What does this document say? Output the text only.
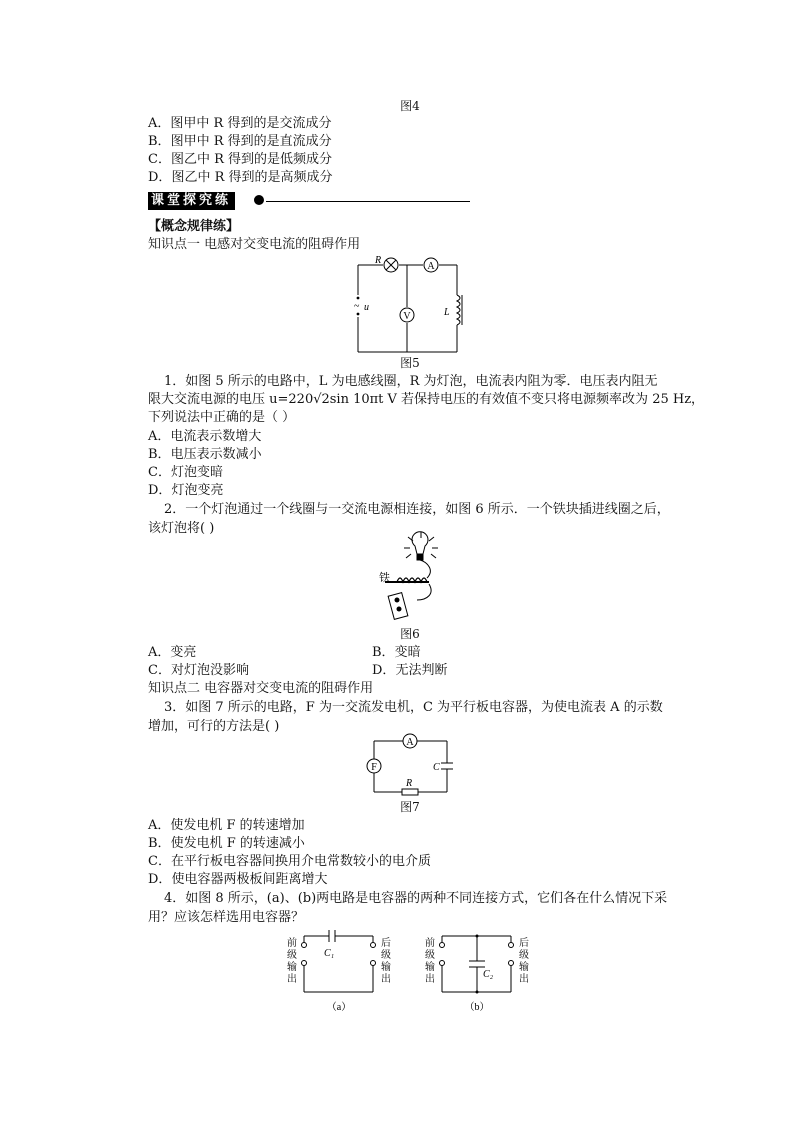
图4
A．图甲中 R 得到的是交流成分
B．图甲中 R 得到的是直流成分
C．图乙中 R 得到的是低频成分
D．图乙中 R 得到的是高频成分
课堂探究练
【概念规律练】
知识点一 电感对交变电流的阻碍作用
A
V
~
R
u	L
图5
1．如图 5 所示的电路中，L 为电感线圈，R 为灯泡，电流表内阻为零．电压表内阻无
限大交流电源的电压 u=220√2sin 10πt V 若保持电压的有效值不变只将电源频率改为 25 Hz，
下列说法中正确的是（ ）
A．电流表示数增大
B．电压表示数减小
C．灯泡变暗
D．灯泡变亮
2．一个灯泡通过一个线圈与一交流电源相连接，如图 6 所示．一个铁块插进线圈之后，
该灯泡将( )
铁
图6
A．变亮	B．变暗
C．对灯泡没影响	D．无法判断
知识点二 电容器对交变电流的阻碍作用
3．如图 7 所示的电路，F 为一交流发电机，C 为平行板电容器，为使电流表 A 的示数
增加，可行的方法是( )
A
F	C
R
图7
A．使发电机 F 的转速增加
B．使发电机 F 的转速减小
C．在平行板电容器间换用介电常数较小的电介质
D．使电容器两极板间距离增大
4．如图 8 所示，(a)、(b)两电路是电容器的两种不同连接方式，它们各在什么情况下采
用？应该怎样选用电容器？
C₁
前
级
输
出
后
级
输
出
（a）
C₂
前
级
输
出
后
级
输
出
（b）
